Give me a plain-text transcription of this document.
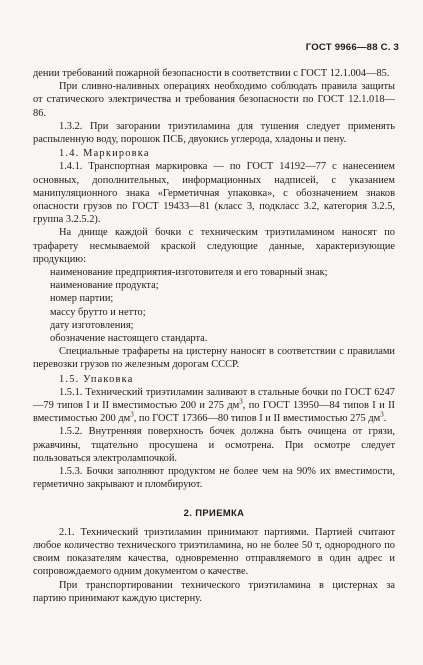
ГОСТ 9966—88 С. 3

дении требований пожарной безопасности в соответствии с ГОСТ 12.1.004—85.

При сливно-наливных операциях необходимо соблюдать правила защиты от статического электричества и требования безопасности по ГОСТ 12.1.018—86.

1.3.2. При загорании триэтиламина для тушения следует применять распыленную воду, порошок ПСБ, двуокись углерода, хладоны и пену.

1.4. Маркировка

1.4.1. Транспортная маркировка — по ГОСТ 14192—77 с нанесением основных, дополнительных, информационных надписей, с указанием манипуляционного знака «Герметичная упаковка», с обозначением знаков опасности грузов по ГОСТ 19433—81 (класс 3, подкласс 3.2, категория 3.2.5, группа 3.2.5.2).

На днище каждой бочки с техническим триэтиламином наносят по трафарету несмываемой краской следующие данные, характеризующие продукцию:

наименование предприятия-изготовителя и его товарный знак;
наименование продукта;
номер партии;
массу брутто и нетто;
дату изготовления;
обозначение настоящего стандарта.

Специальные трафареты на цистерну наносят в соответствии с правилами перевозки грузов по железным дорогам СССР.

1.5. Упаковка

1.5.1. Технический триэтиламин заливают в стальные бочки по ГОСТ 6247—79 типов I и II вместимостью 200 и 275 $дм^3$, по ГОСТ 13950—84 типов I и II вместимостью 200 $дм^3$, по ГОСТ 17366—80 типов I и II вместимостью 275 $дм^3$.

1.5.2. Внутренняя поверхность бочек должна быть очищена от грязи, ржавчины, тщательно просушена и осмотрена. При осмотре следует пользоваться электролампочкой.

1.5.3. Бочки заполняют продуктом не более чем на 90% их вместимости, герметично закрывают и пломбируют.

2. ПРИЕМКА

2.1. Технический триэтиламин принимают партиями. Партией считают любое количество технического триэтиламина, но не более 50 т, однородного по своим показателям качества, одновременно отправляемого в один адрес и сопровождаемого одним документом о качестве.

При транспортировании технического триэтиламина в цистернах за партию принимают каждую цистерну.
